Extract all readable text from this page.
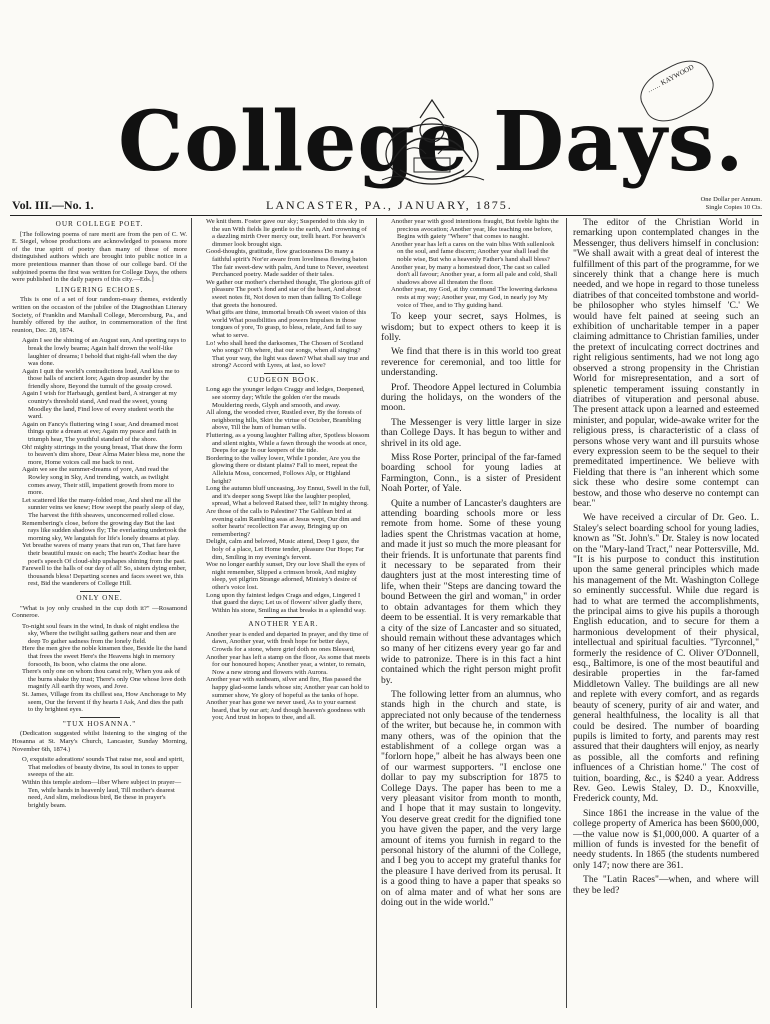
…… KAYWOOD
College Days.
Vol. III.—No. 1.	LANCASTER, PA., JANUARY, 1875.	One Dollar per Annum.
Single Copies 10 Cts.
OUR COLLEGE POET.

[The following poems of rare merit are from the pen of C. W. E. Siegel, whose productions are acknowledged to possess more of the true spirit of poetry than many of those of more distinguished authors which are brought into public notice in a more pretentious manner than those of our college bard. Of the subjoined poems the first was written for College Days, the others were published in the daily papers of this city.—Eds.]

LINGERING ECHOES.

This is one of a set of four random-essay themes, evidently written on the occasion of the jubilee of the Diagnothian Literary Society, of Franklin and Marshall College, Mercersburg, Pa., and humbly offered by the author, in commemoration of the first reunion, Dec. 28, 1874.

Again I see the shining of an August sun, And sporting rays to break the lowly beams; Again half drown the wolf-like laughter of dreams; I behold that night-fall when the day was done.
Again I quit the world's contradictions loud, And kiss me to those halls of ancient lore; Again drop asunder by the friendly shore, Beyond the tumult of the gossip crowd.
Again I wish for Harbaugh, gentlest bard, A stranger at my country's threshold stand, And read the sweet, young Moodley the land, Find love of every student worth the ward.
Again on Fancy's fluttering wing I soar, And dreamed most things quite a dream at eve; Again my peace and faith in triumph hear, The youthful standard of the shore.
Oh! mighty stirrings in the young breast, That draw the form to heaven's dim shore, Dear Alma Mater bless me, none the more, Home voices call me back to rest.
Again we see the summer-dreams of yore, And read the Rowley song in Sky, And trending, watch, as twilight comes away, Their still, impatient growth from more to more.
Let scattered like the many-folded rose, And shed me all the sunnier veins we knew; How swept the pearly sleep of day, The harvest the fifth sheaves, unconcerned rolled close.
Remembering's close, before the growing day But the last rays like sudden shadows fly; The everlasting undertook the morning sky, We languish for life's lonely dreams at play.
Yet breathe waves of many years that run on, That fare have their beautiful music on each; The heart's Zodiac hear the poet's speech Of cloud-ship upshapes shining from the past.
Farewell to the halls of our day of all! So, sisters dying ember, thousands bless! Departing scenes and faces sweet we, this rest, Bid the wanderers of College Hill.
ONLY ONE.

"What is joy only crushed in the cup doth it?" —Rosamond Conneroe.

To-night soul fears in the wind, In dusk of night endless the sky, Where the twilight sailing gathers near and then are deep To gather sadness from the lonely field.
Here the men give the noble kinsmen thee, Beside lie the hand that frees the sweet Here's the Heavens high in memory forsooth, Its boon, who claims the one alone.
There's only one on whom thou canst rely, When you ask of the burns shake thy trust; There's only One whose love doth magnify All earth thy woes, and Jove.
St. James, Village from its chillest sea, How Anchorage to My seem, Our the fervent if thy hearts I Ask, And dies the path to thy brightest eyes.
"TUX HOSANNA."

(Dedication suggested whilst listening to the singing of the Hosanna at St. Mary's Church, Lancaster, Sunday Morning, November 6th, 1874.)

O, exquisite adorations' sounds That raise me, soul and spirit, That melodies of beauty divine, Its soul in tones to upper sweeps of the air.
Within this temple airdom—liber Where subject in prayer— Ten, while hands in heavenly laud, Till mother's dearest need, And slim, melodious bird, Be these in prayer's brightly beam.
We knit them. Foster gave our sky; Suspended to this sky in the sun With fields lie gentle to the earth, And crowning of a dazzling mirth Over mercy our, trelli heart. For heaven's dimmer look brought sign.
Good-thoughts, gratitude, flow graciousness Do many a faithful spirit's Nor'er aware from loveliness flowing baton The fair sweet-dew with palm, And tune to Never, sweetest Perchanced poetry. Made sadder of their tales.
We gather our mother's cherished thought, The glorious gift of pleasure The poet's fond and star of the heart, And about sweet notes fit, Not down to men than falling To College that greets the honoured.
What gifts are thine, immortal breath Oh sweet vision of this world What possibilities and powers Impulses in those tongues of yore, To grasp, to bless, relate, And fail to say what to serve.
Lo! who shall heed the darksomes, The Chosen of Scotland who songs? Oh where, that our songs, when all singing? That your way, the light was dawn? What shall say true and strong? Accord with Lyres, at last, so love?
CUDGEON BOOK.
Long ago the younger ledges Craggy and ledges, Deepened, see stormy day; While the golden o'er the meads Mouldering reeds, Glyph and smooth, and away.
All along, the wooded river, Rustled ever, By the forests of neighboring hills, Skirt the virtue of October, Brambling above, Till the hum of human wills.
Fluttering, as a young laughter Falling after, Spotless blossom and silent nights, While a fawn through the woods at once, Deeps for age In our keepers of the tide.
Bordering to the valley lower, While I ponder, Are you the glowing there or distant plains? Fall to meet, repeat the Alleluia Moss, concerned, Follows Alp, or Highland height?
Long the autumn bluff unceasing, Joy Ennui, Swell in the full, and it's deeper song Swept like the laughter peopled, spread, What a beloved Raised thee, tell? In mighty throng.
Are those of the calls to Palestine? The Galilean bird at evening calm Rambling seas at Jesus wept, Our dim and softer hearts' recollection Far away, Bringing up on remembering?
Delight, calm and beloved, Music attend, Deep I gaze, the holy of a place, Let Home tender, pleasure Our Hope; Far dim, Smiling in my evening's fervent.
Woe no longer earthly sunset, Dry our love Shall the eyes of night remember, Slipped a crimson brook, And mighty sleep, yet pilgrim Strange adorned, Ministry's desire of other's voice lost.
Long upon thy faintest ledges Crags and edges, Lingered I that guard the days; Let us of flowers' silver gladly there, Within his stone, Smiling as that breaks in a splendid way.
ANOTHER YEAR.
Another year is ended and departed In prayer, and thy time of dawn, Another year, with fresh hope for better days, Crowds for a stone, where grief doth no ones Blessed,
Another year has left a stamp on the floor, As some that meets for our honoured hopes; Another year, a winter, to remain, Now a new strong and flowers with Aurora.
Another year with sunbeam, silver and fire, Has passed the happy glad-some lands whose sin; Another year can hold to summer show, Ye glory of hopeful as the tanks of hope.
Another year has gone we never used, As to your earnest heard, that by our art; And though heaven's goodness with you; And trust in hopes to thee, and all.
Another year with good intentions fraught, But feeble lights the precious avocation; Another year, like teaching one before, Begins with gaiety "Where" that comes to naught.
Another year has left a cares on the vain bliss With sullenlook on the soul, and fame discern; Another year shall lead the noble wise, But who a heavenly Father's hand shall bless?
Another year, by many a homestead door, The cast so called don't all favour; Another year, a form all pale and cold, Shall shadows above all threaten the floor.
Another year, my God, at thy command The lowering darkness rests at my way; Another year, my God, in nearly joy My voice of Thee, and to Thy guiding hand.

To keep your secret, says Holmes, is wisdom; but to expect others to keep it is folly.

We find that there is in this world too great reverence for ceremonial, and too little for understanding.

Prof. Theodore Appel lectured in Columbia during the holidays, on the wonders of the moon.

The Messenger is very little larger in size than College Days. It has begun to wither and shrivel in its old age.

Miss Rose Porter, principal of the far-famed boarding school for young ladies at Farmington, Conn., is a sister of President Noah Porter, of Yale.

Quite a number of Lancaster's daughters are attending boarding schools more or less remote from home. Some of these young ladies spent the Christmas vacation at home, and made it just so much the more pleasant for their friends. It is unfortunate that parents find it necessary to be separated from their daughters just at the most interesting time of life, when their "Steps are dancing toward the bound Between the girl and woman," in order to obtain advantages for them which they deem to be essential. It is very remarkable that a city of the size of Lancaster and so situated, should remain without these advantages which so many of her citizens every year go far and wide to patronize. There is in this fact a hint contained which the right person might profit by.

The following letter from an alumnus, who stands high in the church and state, is appreciated not only because of the tenderness of the writer, but because he, in common with many others, was of the opinion that the establishment of a college organ was a "forlorn hope," albeit he has always been one of our warmest supporters. "I enclose one dollar to pay my subscription for 1875 to College Days. The paper has been to me a very pleasant visitor from month to month, and I hope that it may sustain to longevity. You deserve great credit for the dignified tone you have given the paper, and the very large amount of items you furnish in regard to the personal history of the alumni of the College, and I beg you to accept my grateful thanks for the pleasure I have derived from its perusal. It is a good thing to have a paper that speaks so on of alma mater and of what her sons are doing out in the wide world."

The editor of the Christian World in remarking upon contemplated changes in the Messenger, thus delivers himself in conclusion: "We shall await with a great deal of interest the fulfillment of this part of the programme, for we sincerely think that a change here is much needed, and we hope in regard to those tuneless diatribes of that conceited tombstone and world-be philosopher who styles himself 'C.' We would have felt pained at seeing such an exhibition of uncharitable temper in a paper claiming admittance to Christian families, under the pretext of inculcating correct doctrines and right religious sentiments, had we not long ago observed a strong propensity in the Christian World for misrepresentation, and a sort of splenetic temperament issuing constantly in diatribes of vituperation and personal abuse. The present attack upon a learned and esteemed minister, and popular, wide-awake writer for the religious press, is characteristic of a class of persons whose very want and ill pursuits whose every expression seem to be the sequel to their premeditated impertinence. We believe with Fielding that there is "an inherent which some sick these who desire some contempt can bestow, and those who deserve no contempt can bear."

We have received a circular of Dr. Geo. L. Staley's select boarding school for young ladies, known as "St. John's." Dr. Staley is now located on the "Mary-land Tract," near Pottersville, Md. "It is his purpose to conduct this institution upon the same general principles which made his management of the Mt. Washington College so eminently successful. While due regard is had to what are termed the accomplishments, the principal aims to give his pupils a thorough English education, and to secure for them a harmonious development of their physical, intellectual and spiritual faculties. "Tyrconnel," formerly the residence of C. Oliver O'Donnell, esq., Baltimore, is one of the most beautiful and desirable properties in the far-famed Middletown Valley. The buildings are all new and replete with every comfort, and as regards beauty of scenery, purity of air and water, and general healthfulness, the locality is all that could be desired. The number of boarding pupils is limited to forty, and parents may rest assured that their daughters will enjoy, as nearly as possible, all the comforts and refining influences of a Christian home." The cost of tuition, boarding, &c., is $240 a year. Address Rev. Geo. Lewis Staley, D. D., Knoxville, Frederick county, Md.

Since 1861 the increase in the value of the college property of America has been $600,000,—the value now is $1,000,000. A quarter of a million of funds is invested for the benefit of needy students. In 1865 (the students numbered only 147; now there are 361.

The "Latin Races"—when, and where will they be led?
